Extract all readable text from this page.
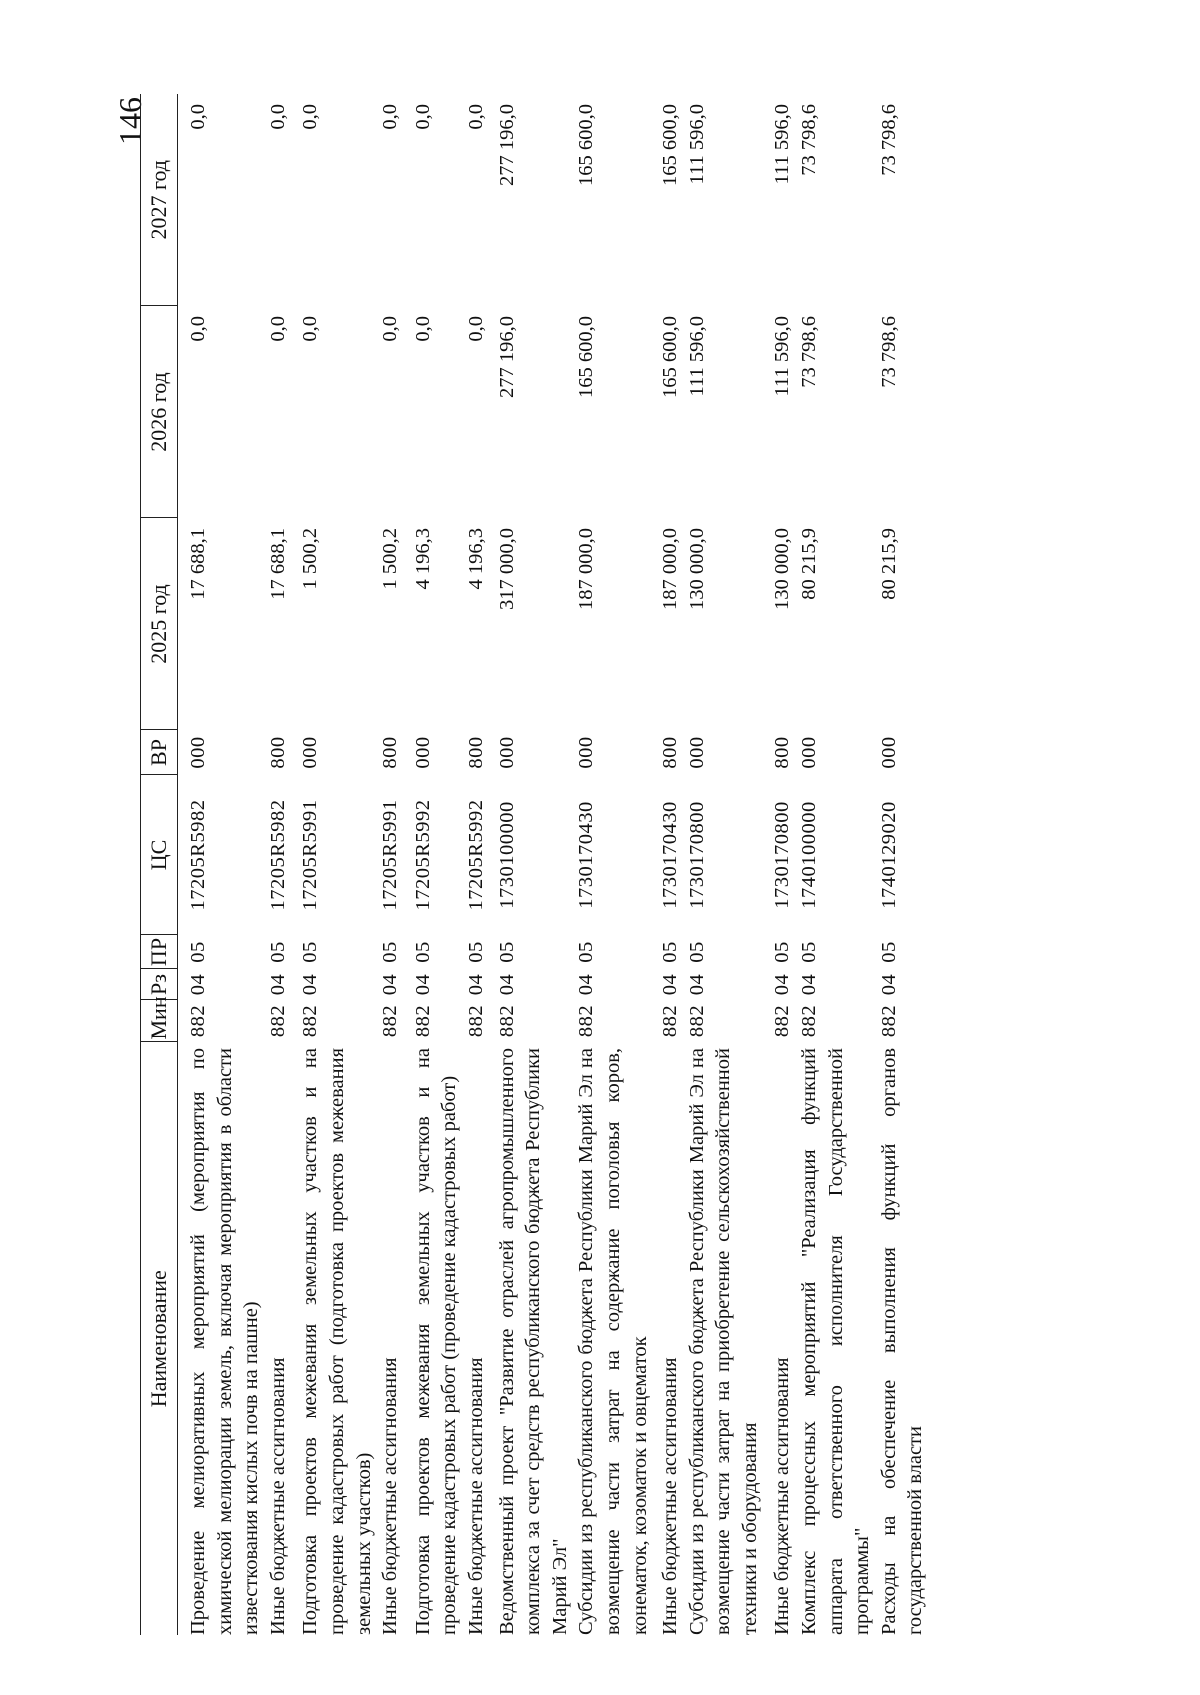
146
Наименование	Мин	Рз	ПР	ЦС	ВР	2025 год	2026 год	2027 год
Проведение мелиоративных мероприятий (мероприятия по химической мелиорации земель, включая мероприятия в области известкования кислых почв на пашне)	882	04	05	17205R5982	000	17 688,1	0,0	0,0
Иные бюджетные ассигнования	882	04	05	17205R5982	800	17 688,1	0,0	0,0
Подготовка проектов межевания земельных участков и на проведение кадастровых работ (подготовка проектов межевания земельных участков)	882	04	05	17205R5991	000	1 500,2	0,0	0,0
Иные бюджетные ассигнования	882	04	05	17205R5991	800	1 500,2	0,0	0,0
Подготовка проектов межевания земельных участков и на проведение кадастровых работ (проведение кадастровых работ)	882	04	05	17205R5992	000	4 196,3	0,0	0,0
Иные бюджетные ассигнования	882	04	05	17205R5992	800	4 196,3	0,0	0,0
Ведомственный проект "Развитие отраслей агропромышленного комплекса за счет средств республиканского бюджета Республики Марий Эл"	882	04	05	1730100000	000	317 000,0	277 196,0	277 196,0
Субсидии из республиканского бюджета Республики Марий Эл на возмещение части затрат на содержание поголовья коров, конематок, козоматок и овцематок	882	04	05	1730170430	000	187 000,0	165 600,0	165 600,0
Иные бюджетные ассигнования	882	04	05	1730170430	800	187 000,0	165 600,0	165 600,0
Субсидии из республиканского бюджета Республики Марий Эл на возмещение части затрат на приобретение сельскохозяйственной техники и оборудования	882	04	05	1730170800	000	130 000,0	111 596,0	111 596,0
Иные бюджетные ассигнования	882	04	05	1730170800	800	130 000,0	111 596,0	111 596,0
Комплекс процессных мероприятий "Реализация функций аппарата ответственного исполнителя Государственной программы"	882	04	05	1740100000	000	80 215,9	73 798,6	73 798,6
Расходы на обеспечение выполнения функций органов государственной власти	882	04	05	1740129020	000	80 215,9	73 798,6	73 798,6
